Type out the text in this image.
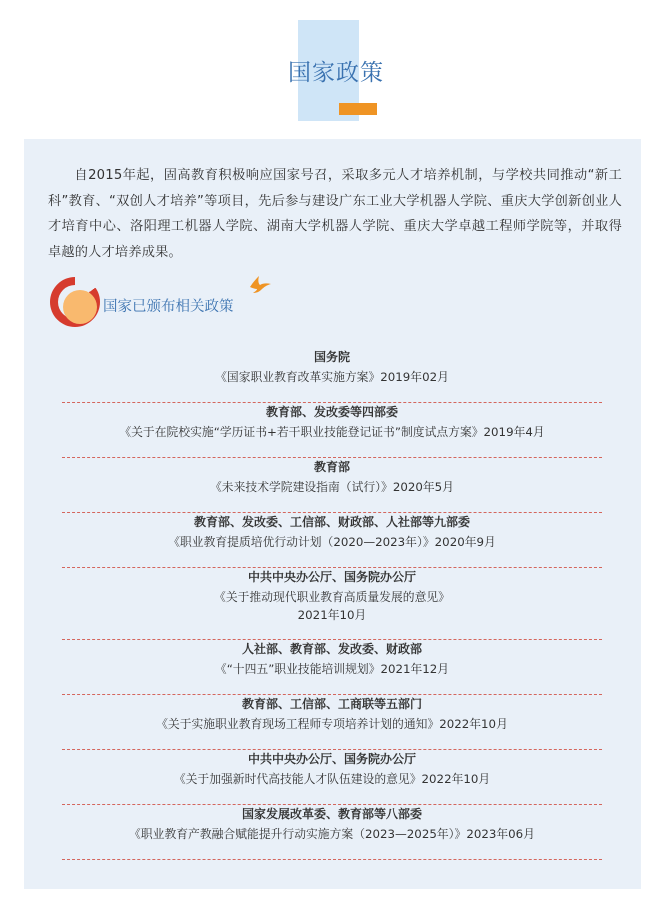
国家政策

自2015年起，固高教育积极响应国家号召，采取多元人才培养机制，与学校共同推动“新工科”教育、“双创人才培养”等项目，先后参与建设广东工业大学机器人学院、重庆大学创新创业人才培育中心、洛阳理工机器人学院、湖南大学机器人学院、重庆大学卓越工程师学院等，并取得卓越的人才培养成果。

国家已颁布相关政策
国务院
《国家职业教育改革实施方案》2019年02月
教育部、发改委等四部委
《关于在院校实施“学历证书+若干职业技能登记证书”制度试点方案》2019年4月
教育部
《未来技术学院建设指南（试行）》2020年5月
教育部、发改委、工信部、财政部、人社部等九部委
《职业教育提质培优行动计划（2020—2023年）》2020年9月
中共中央办公厅、国务院办公厅
《关于推动现代职业教育高质量发展的意见》
2021年10月
人社部、教育部、发改委、财政部
《“十四五”职业技能培训规划》2021年12月
教育部、工信部、工商联等五部门
《关于实施职业教育现场工程师专项培养计划的通知》2022年10月
中共中央办公厅、国务院办公厅
《关于加强新时代高技能人才队伍建设的意见》2022年10月
国家发展改革委、教育部等八部委
《职业教育产教融合赋能提升行动实施方案（2023—2025年）》2023年06月
